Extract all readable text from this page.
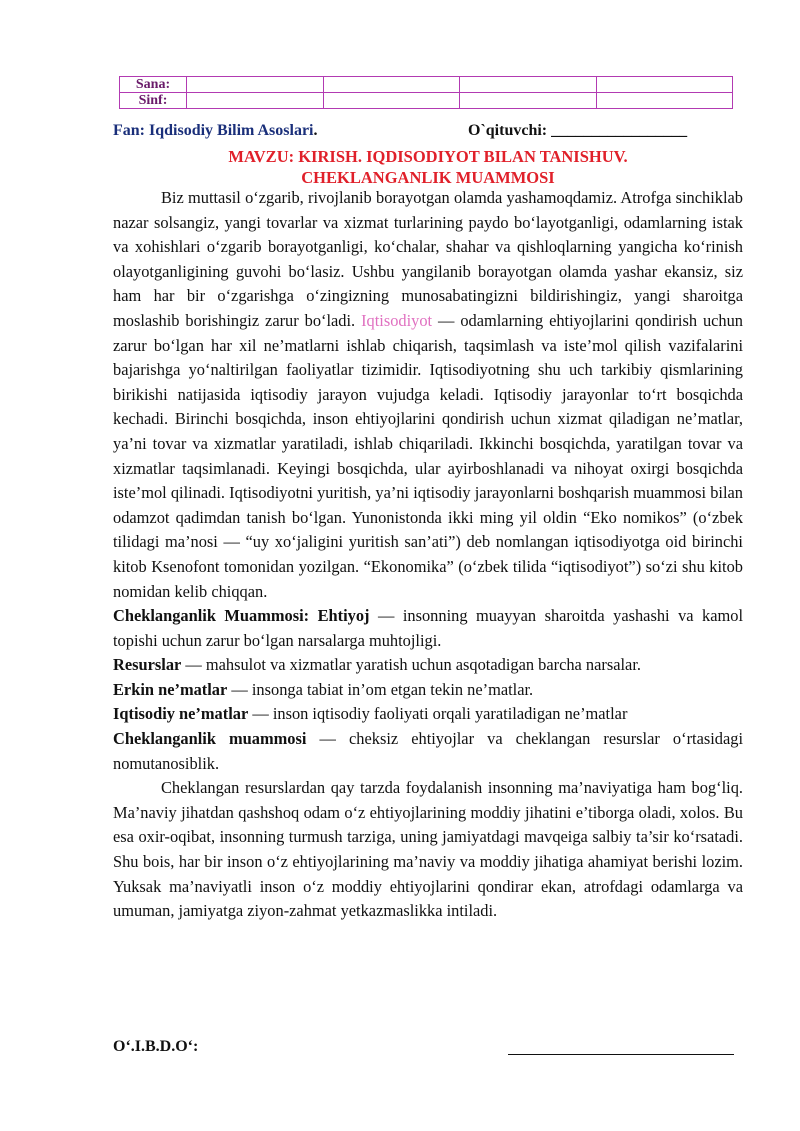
Sana:				
Sinf:				
Fan: Iqdisodiy Bilim Asoslari.	O`qituvchi: _________________
MAVZU: KIRISH. IQDISODIYOT BILAN TANISHUV.
CHEKLANGANLIK MUAMMOSI

Biz muttasil o‘zgarib, rivojlanib borayotgan olamda yashamoqdamiz. Atrofga sinchiklab nazar solsangiz, yangi tovarlar va xizmat turlarining paydo bo‘layotganligi, odamlarning istak va xohishlari o‘zgarib borayotganligi, ko‘chalar, shahar va qishloqlarning yangicha ko‘rinish olayotganligining guvohi bo‘lasiz. Ushbu yangilanib borayotgan olamda yashar ekansiz, siz ham har bir o‘zgarishga o‘zingizning munosabatingizni bildirishingiz, yangi sharoitga moslashib borishingiz zarur bo‘ladi. Iqtisodiyot — odamlarning ehtiyojlarini qondirish uchun zarur bo‘lgan har xil ne’matlarni ishlab chiqarish, taqsimlash va iste’mol qilish vazifalarini bajarishga yo‘naltirilgan faoliyatlar tizimidir. Iqtisodiyotning shu uch tarkibiy qismlarining birikishi natijasida iqtisodiy jarayon vujudga keladi. Iqtisodiy jarayonlar to‘rt bosqichda kechadi. Birinchi bosqichda, inson ehtiyojlarini qondirish uchun xizmat qiladigan ne’matlar, ya’ni tovar va xizmatlar yaratiladi, ishlab chiqariladi. Ikkinchi bosqichda, yaratilgan tovar va xizmatlar taqsimlanadi. Keyingi bosqichda, ular ayirboshlanadi va nihoyat oxirgi bosqichda iste’mol qilinadi. Iqtisodiyotni yuritish, ya’ni iqtisodiy jarayonlarni boshqarish muammosi bilan odamzot qadimdan tanish bo‘lgan. Yunonistonda ikki ming yil oldin “Eko nomikos” (o‘zbek tilidagi ma’nosi — “uy xo‘jaligini yuritish san’ati”) deb nomlangan iqtisodiyotga oid birinchi kitob Ksenofont tomonidan yozilgan. “Ekonomika” (o‘zbek tilida “iqtisodiyot”) so‘zi shu kitob nomidan kelib chiqqan.

Cheklanganlik Muammosi: Ehtiyoj — insonning muayyan sharoitda yashashi va kamol topishi uchun zarur bo‘lgan narsalarga muhtojligi.

Resurslar — mahsulot va xizmatlar yaratish uchun asqotadigan barcha narsalar.

Erkin ne’matlar — insonga tabiat in’om etgan tekin ne’matlar.

Iqtisodiy ne’matlar — inson iqtisodiy faoliyati orqali yaratiladigan ne’matlar

Cheklanganlik muammosi — cheksiz ehtiyojlar va cheklangan resurslar o‘rtasidagi nomutanosiblik.

Cheklangan resurslardan qay tarzda foydalanish insonning ma’naviyatiga ham bog‘liq. Ma’naviy jihatdan qashshoq odam o‘z ehtiyojlarining moddiy jihatini e’tiborga oladi, xolos. Bu esa oxir-oqibat, insonning turmush tarziga, uning jamiyatdagi mavqeiga salbiy ta’sir ko‘rsatadi. Shu bois, har bir inson o‘z ehtiyojlarining ma’naviy va moddiy jihatiga ahamiyat berishi lozim. Yuksak ma’naviyatli inson o‘z moddiy ehtiyojlarini qondirar ekan, atrofdagi odamlarga va umuman, jamiyatga ziyon-zahmat yetkazmaslikka intiladi.

O‘.I.B.D.O‘:
